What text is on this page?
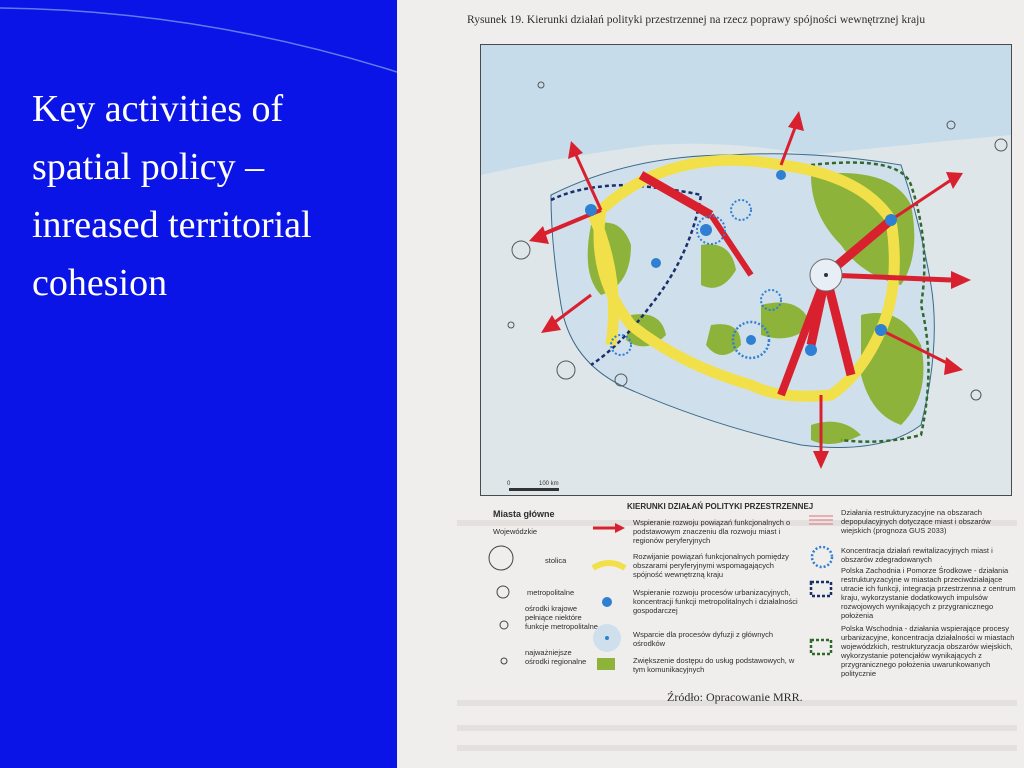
Key activities of spatial policy – inreased territorial cohesion
Rysunek 19. Kierunki działań polityki przestrzennej na rzecz poprawy spójności wewnętrznej kraju
0	100 km
Miasta główne
Wojewódzkie
stolica
metropolitalne
ośrodki krajowe pełniące niektóre funkcje metropolitalne
najważniejsze ośrodki regionalne
KIERUNKI DZIAŁAŃ POLITYKI PRZESTRZENNEJ
Wspieranie rozwoju powiązań funkcjonalnych o podstawowym znaczeniu dla rozwoju miast i regionów peryferyjnych
Rozwijanie powiązań funkcjonalnych pomiędzy obszarami peryferyjnymi wspomagających spójność wewnętrzną kraju
Wspieranie rozwoju procesów urbanizacyjnych, koncentracji funkcji metropolitalnych i działalności gospodarczej
Wsparcie dla procesów dyfuzji z głównych ośrodków
Zwiększenie dostępu do usług podstawowych, w tym komunikacyjnych
Działania restrukturyzacyjne na obszarach depopulacyjnych dotyczące miast i obszarów wiejskich (prognoza GUS 2033)
Koncentracja działań rewitalizacyjnych miast i obszarów zdegradowanych
Polska Zachodnia i Pomorze Środkowe - działania restrukturyzacyjne w miastach przeciwdziałające utracie ich funkcji, integracja przestrzenna z centrum kraju, wykorzystanie dodatkowych impulsów rozwojowych wynikających z przygranicznego położenia
Polska Wschodnia - działania wspierające procesy urbanizacyjne, koncentracja działalności w miastach wojewódzkich, restrukturyzacja obszarów wiejskich, wykorzystanie potencjałów wynikających z przygranicznego położenia uwarunkowanych politycznie
Źródło: Opracowanie MRR.
